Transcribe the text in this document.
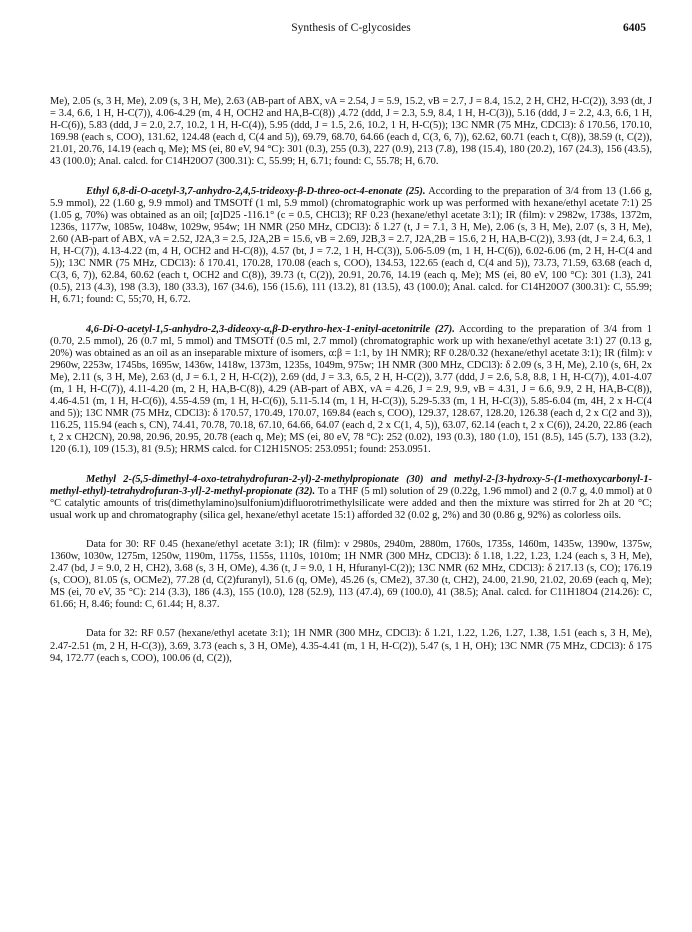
Synthesis of C-glycosides	6405

Me), 2.05 (s, 3 H, Me), 2.09 (s, 3 H, Me), 2.63 (AB-part of ABX, νA = 2.54, J = 5.9, 15.2, νB = 2.7, J = 8.4, 15.2, 2 H, CH2, H-C(2)), 3.93 (dt, J = 3.4, 6.6, 1 H, H-C(7)), 4.06-4.29 (m, 4 H, OCH2 and HA,B-C(8)) ,4.72 (ddd, J = 2.3, 5.9, 8.4, 1 H, H-C(3)), 5.16 (ddd, J = 2.2, 4.3, 6.6, 1 H, H-C(6)), 5.83 (ddd, J = 2.0, 2.7, 10.2, 1 H, H-C(4)), 5.95 (ddd, J = 1.5, 2.6, 10.2, 1 H, H-C(5)); 13C NMR (75 MHz, CDCl3): δ 170.56, 170.10, 169.98 (each s, COO), 131.62, 124.48 (each d, C(4 and 5)), 69.79, 68.70, 64.66 (each d, C(3, 6, 7)), 62.62, 60.71 (each t, C(8)), 38.59 (t, C(2)), 21.01, 20.76, 14.19 (each q, Me); MS (ei, 80 eV, 94 °C): 301 (0.3), 255 (0.3), 227 (0.9), 213 (7.8), 198 (15.4), 180 (20.2), 167 (24.3), 156 (43.5), 43 (100.0); Anal. calcd. for C14H20O7 (300.31): C, 55.99; H, 6.71; found: C, 55.78; H, 6.70.

Ethyl 6,8-di-O-acetyl-3,7-anhydro-2,4,5-trideoxy-β-D-threo-oct-4-enonate (25). According to the preparation of 3/4 from 13 (1.66 g, 5.9 mmol), 22 (1.60 g, 9.9 mmol) and TMSOTf (1 ml, 5.9 mmol) (chromatographic work up was performed with hexane/ethyl acetate 7:1) 25 (1.05 g, 70%) was obtained as an oil; [α]D25 -116.1° (c = 0.5, CHCl3); RF 0.23 (hexane/ethyl acetate 3:1); IR (film): ν 2982w, 1738s, 1372m, 1236s, 1177w, 1085w, 1048w, 1029w, 954w; 1H NMR (250 MHz, CDCl3): δ 1.27 (t, J = 7.1, 3 H, Me), 2.06 (s, 3 H, Me), 2.07 (s, 3 H, Me), 2.60 (AB-part of ABX, νA = 2.52, J2A,3 = 2.5, J2A,2B = 15.6, νB = 2.69, J2B,3 = 2.7, J2A,2B = 15.6, 2 H, HA,B-C(2)), 3.93 (dt, J = 2.4, 6.3, 1 H, H-C(7)), 4.13-4.22 (m, 4 H, OCH2 and H-C(8)), 4.57 (bt, J = 7.2, 1 H, H-C(3)), 5.06-5.09 (m, 1 H, H-C(6)), 6.02-6.06 (m, 2 H, H-C(4 and 5)); 13C NMR (75 MHz, CDCl3): δ 170.41, 170.28, 170.08 (each s, COO), 134.53, 122.65 (each d, C(4 and 5)), 73.73, 71.59, 63.68 (each d, C(3, 6, 7)), 62.84, 60.62 (each t, OCH2 and C(8)), 39.73 (t, C(2)), 20.91, 20.76, 14.19 (each q, Me); MS (ei, 80 eV, 100 °C): 301 (1.3), 241 (0.5), 213 (4.3), 198 (3.3), 180 (33.3), 167 (34.6), 156 (15.6), 111 (13.2), 81 (13.5), 43 (100.0); Anal. calcd. for C14H20O7 (300.31): C, 55.99; H, 6.71; found: C, 55;70, H, 6.72.

4,6-Di-O-acetyl-1,5-anhydro-2,3-dideoxy-α,β-D-erythro-hex-1-enityl-acetonitrile (27). According to the preparation of 3/4 from 1 (0.70, 2.5 mmol), 26 (0.7 ml, 5 mmol) and TMSOTf (0.5 ml, 2.7 mmol) (chromatographic work up with hexane/ethyl acetate 3:1) 27 (0.13 g, 20%) was obtained as an oil as an inseparable mixture of isomers, α:β = 1:1, by 1H NMR); RF 0.28/0.32 (hexane/ethyl acetate 3:1); IR (film): ν 2960w, 2253w, 1745bs, 1695w, 1436w, 1418w, 1373m, 1235s, 1049m, 975w; 1H NMR (300 MHz, CDCl3): δ 2.09 (s, 3 H, Me), 2.10 (s, 6H, 2x Me), 2.11 (s, 3 H, Me), 2.63 (d, J = 6.1, 2 H, H-C(2)), 2.69 (dd, J = 3.3, 6.5, 2 H, H-C(2)), 3.77 (ddd, J = 2.6, 5.8, 8.8, 1 H, H-C(7)), 4.01-4.07 (m, 1 H, H-C(7)), 4.11-4.20 (m, 2 H, HA,B-C(8)), 4.29 (AB-part of ABX, νA = 4.26, J = 2.9, 9.9, νB = 4.31, J = 6.6, 9.9, 2 H, HA,B-C(8)), 4.46-4.51 (m, 1 H, H-C(6)), 4.55-4.59 (m, 1 H, H-C(6)), 5.11-5.14 (m, 1 H, H-C(3)), 5.29-5.33 (m, 1 H, H-C(3)), 5.85-6.04 (m, 4H, 2 x H-C(4 and 5)); 13C NMR (75 MHz, CDCl3): δ 170.57, 170.49, 170.07, 169.84 (each s, COO), 129.37, 128.67, 128.20, 126.38 (each d, 2 x C(2 and 3)), 116.25, 115.94 (each s, CN), 74.41, 70.78, 70.18, 67.10, 64.66, 64.07 (each d, 2 x C(1, 4, 5)), 63.07, 62.14 (each t, 2 x C(6)), 24.20, 22.86 (each t, 2 x CH2CN), 20.98, 20.96, 20.95, 20.78 (each q, Me); MS (ei, 80 eV, 78 °C): 252 (0.02), 193 (0.3), 180 (1.0), 151 (8.5), 145 (5.7), 133 (3.2), 120 (6.1), 109 (15.3), 81 (9.5); HRMS calcd. for C12H15NO5: 253.0951; found: 253.0951.

Methyl 2-(5,5-dimethyl-4-oxo-tetrahydrofuran-2-yl)-2-methylpropionate (30) and methyl-2-[3-hydroxy-5-(1-methoxycarbonyl-1-methyl-ethyl)-tetrahydrofuran-3-yl]-2-methyl-propionate (32). To a THF (5 ml) solution of 29 (0.22g, 1.96 mmol) and 2 (0.7 g, 4.0 mmol) at 0 °C catalytic amounts of tris(dimethylamino)sulfonium)difluorotrimethylsilicate were added and then the mixture was stirred for 2h at 20 °C; usual work up and chromatography (silica gel, hexane/ethyl acetate 15:1) afforded 32 (0.02 g, 2%) and 30 (0.86 g, 92%) as colorless oils.

Data for 30: RF 0.45 (hexane/ethyl acetate 3:1); IR (film): ν 2980s, 2940m, 2880m, 1760s, 1735s, 1460m, 1435w, 1390w, 1375w, 1360w, 1030w, 1275m, 1250w, 1190m, 1175s, 1155s, 1110s, 1010m; 1H NMR (300 MHz, CDCl3): δ 1.18, 1.22, 1.23, 1.24 (each s, 3 H, Me), 2.47 (bd, J = 9.0, 2 H, CH2), 3.68 (s, 3 H, OMe), 4.36 (t, J = 9.0, 1 H, Hfuranyl-C(2)); 13C NMR (62 MHz, CDCl3): δ 217.13 (s, CO); 176.19 (s, COO), 81.05 (s, OCMe2), 77.28 (d, C(2)furanyl), 51.6 (q, OMe), 45.26 (s, CMe2), 37.30 (t, CH2), 24.00, 21.90, 21.02, 20.69 (each q, Me); MS (ei, 70 eV, 35 °C): 214 (3.3), 186 (4.3), 155 (10.0), 128 (52.9), 113 (47.4), 69 (100.0), 41 (38.5); Anal. calcd. for C11H18O4 (214.26): C, 61.66; H, 8.46; found: C, 61.44; H, 8.37.

Data for 32: RF 0.57 (hexane/ethyl acetate 3:1); 1H NMR (300 MHz, CDCl3): δ 1.21, 1.22, 1.26, 1.27, 1.38, 1.51 (each s, 3 H, Me), 2.47-2.51 (m, 2 H, H-C(3)), 3.69, 3.73 (each s, 3 H, OMe), 4.35-4.41 (m, 1 H, H-C(2)), 5.47 (s, 1 H, OH); 13C NMR (75 MHz, CDCl3): δ 175 94, 172.77 (each s, COO), 100.06 (d, C(2)),
